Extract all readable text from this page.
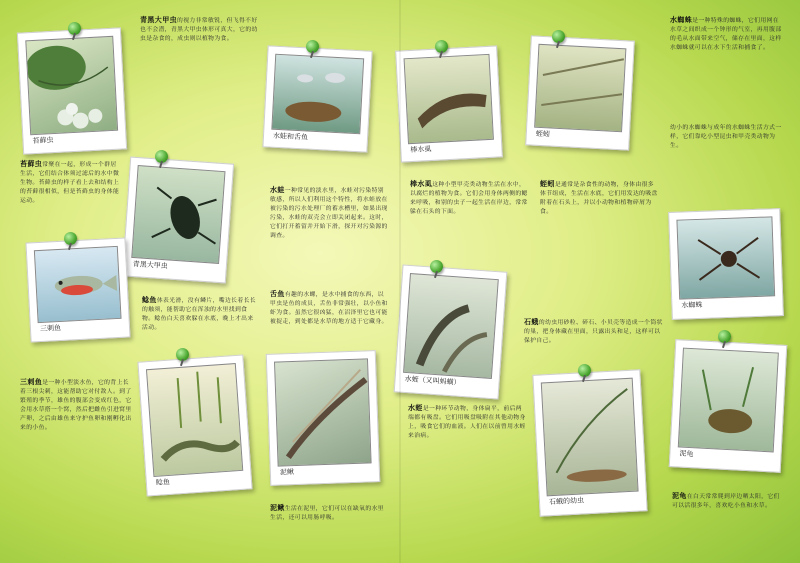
苔藓虫
青黑大甲虫
三刺鱼
鲶鱼
水蛙和舌鱼
泥鳅
棒水虱
水蛭（又叫蚂蟥）
蛭蚓
石蛾的幼虫
水蜘蛛
泥龟
青黑大甲虫的视力非常敏锐，但飞得不好也不会潜，青黑大甲虫体形可真大，它的幼虫是杂食的，成虫则以植物为食。
苔藓虫常聚在一起，形成一个群居生活，它们结合体须过滤后的水中微生物。苔藓虫的样子看上去和结构上的苔藓很相似，但是苔藓虫的身体能运动。
水蛙一种常见的淡水里，水蛙对污染特别敏感，所以人们利用这个特性，将水蛙放在被污染的污水处理厂的蓄水槽里，如果出现污染，水蛙的双壳会立即关闭起来。这时，它们打开蓄留并开始下滑，探开对污染源的调查。
舌鱼有趣的水螺，是水中捕食的东西，以甲虫是鱼的成员，舌鱼非常强壮，以小鱼和虾为食。虽然它很凶猛，在沼泽里它也可能被捉走，到处都是水草的地方适于它藏身。
棒水虱这种小型甲壳类动物生活在水中，以腐烂的植物为食。它们会用身体两侧的鳃来呼吸，和别的虫子一起生活在岸边，常常躲在石头的下面。
蛭蚓是通常是杂食性的动物，身体由很多体节组成，生活在水底，它们用发达的吸盘附着在石头上，并以小动物和植物碎屑为食。
水蜘蛛是一种特殊的蜘蛛，它们用网在水草之间织成一个钟形的气室，再用腹部的毛从水面带来空气，储存在里面，这样水蜘蛛就可以在水下生活和捕食了。
幼小的水蜘蛛与成年的水蜘蛛生活方式一样，它们靠吃小型昆虫和甲壳类动物为生。
鲶鱼体表光滑，没有鳞片，嘴边长着长长的触须，能帮助它在浑浊的水里找到食物。鲶鱼白天喜欢躲在水底，晚上才出来活动。
三刺鱼是一种小型淡水鱼，它的背上长着三根尖刺，这能帮助它对付敌人。到了繁殖的季节，雄鱼的腹部会变成红色，它会用水草搭一个窝，然后把雌鱼引进窝里产卵，之后由雄鱼来守护鱼卵和刚孵化出来的小鱼。
泥鳅生活在泥里，它们可以在缺氧的水里生活，还可以用肠呼吸。
水蛭是一种环节动物，身体扁平，前后两端都有吸盘。它们用吸盘吸附在其他动物身上，吸食它们的血液。人们在以前曾用水蛭来治病。
石蛾的幼虫用砂粒、碎石、小贝壳等造成一个筒状的巢，把身体藏在里面，只露出头和足，这样可以保护自己。
泥龟在白天常常爬到岸边晒太阳，它们可以活很多年，喜欢吃小鱼和水草。
